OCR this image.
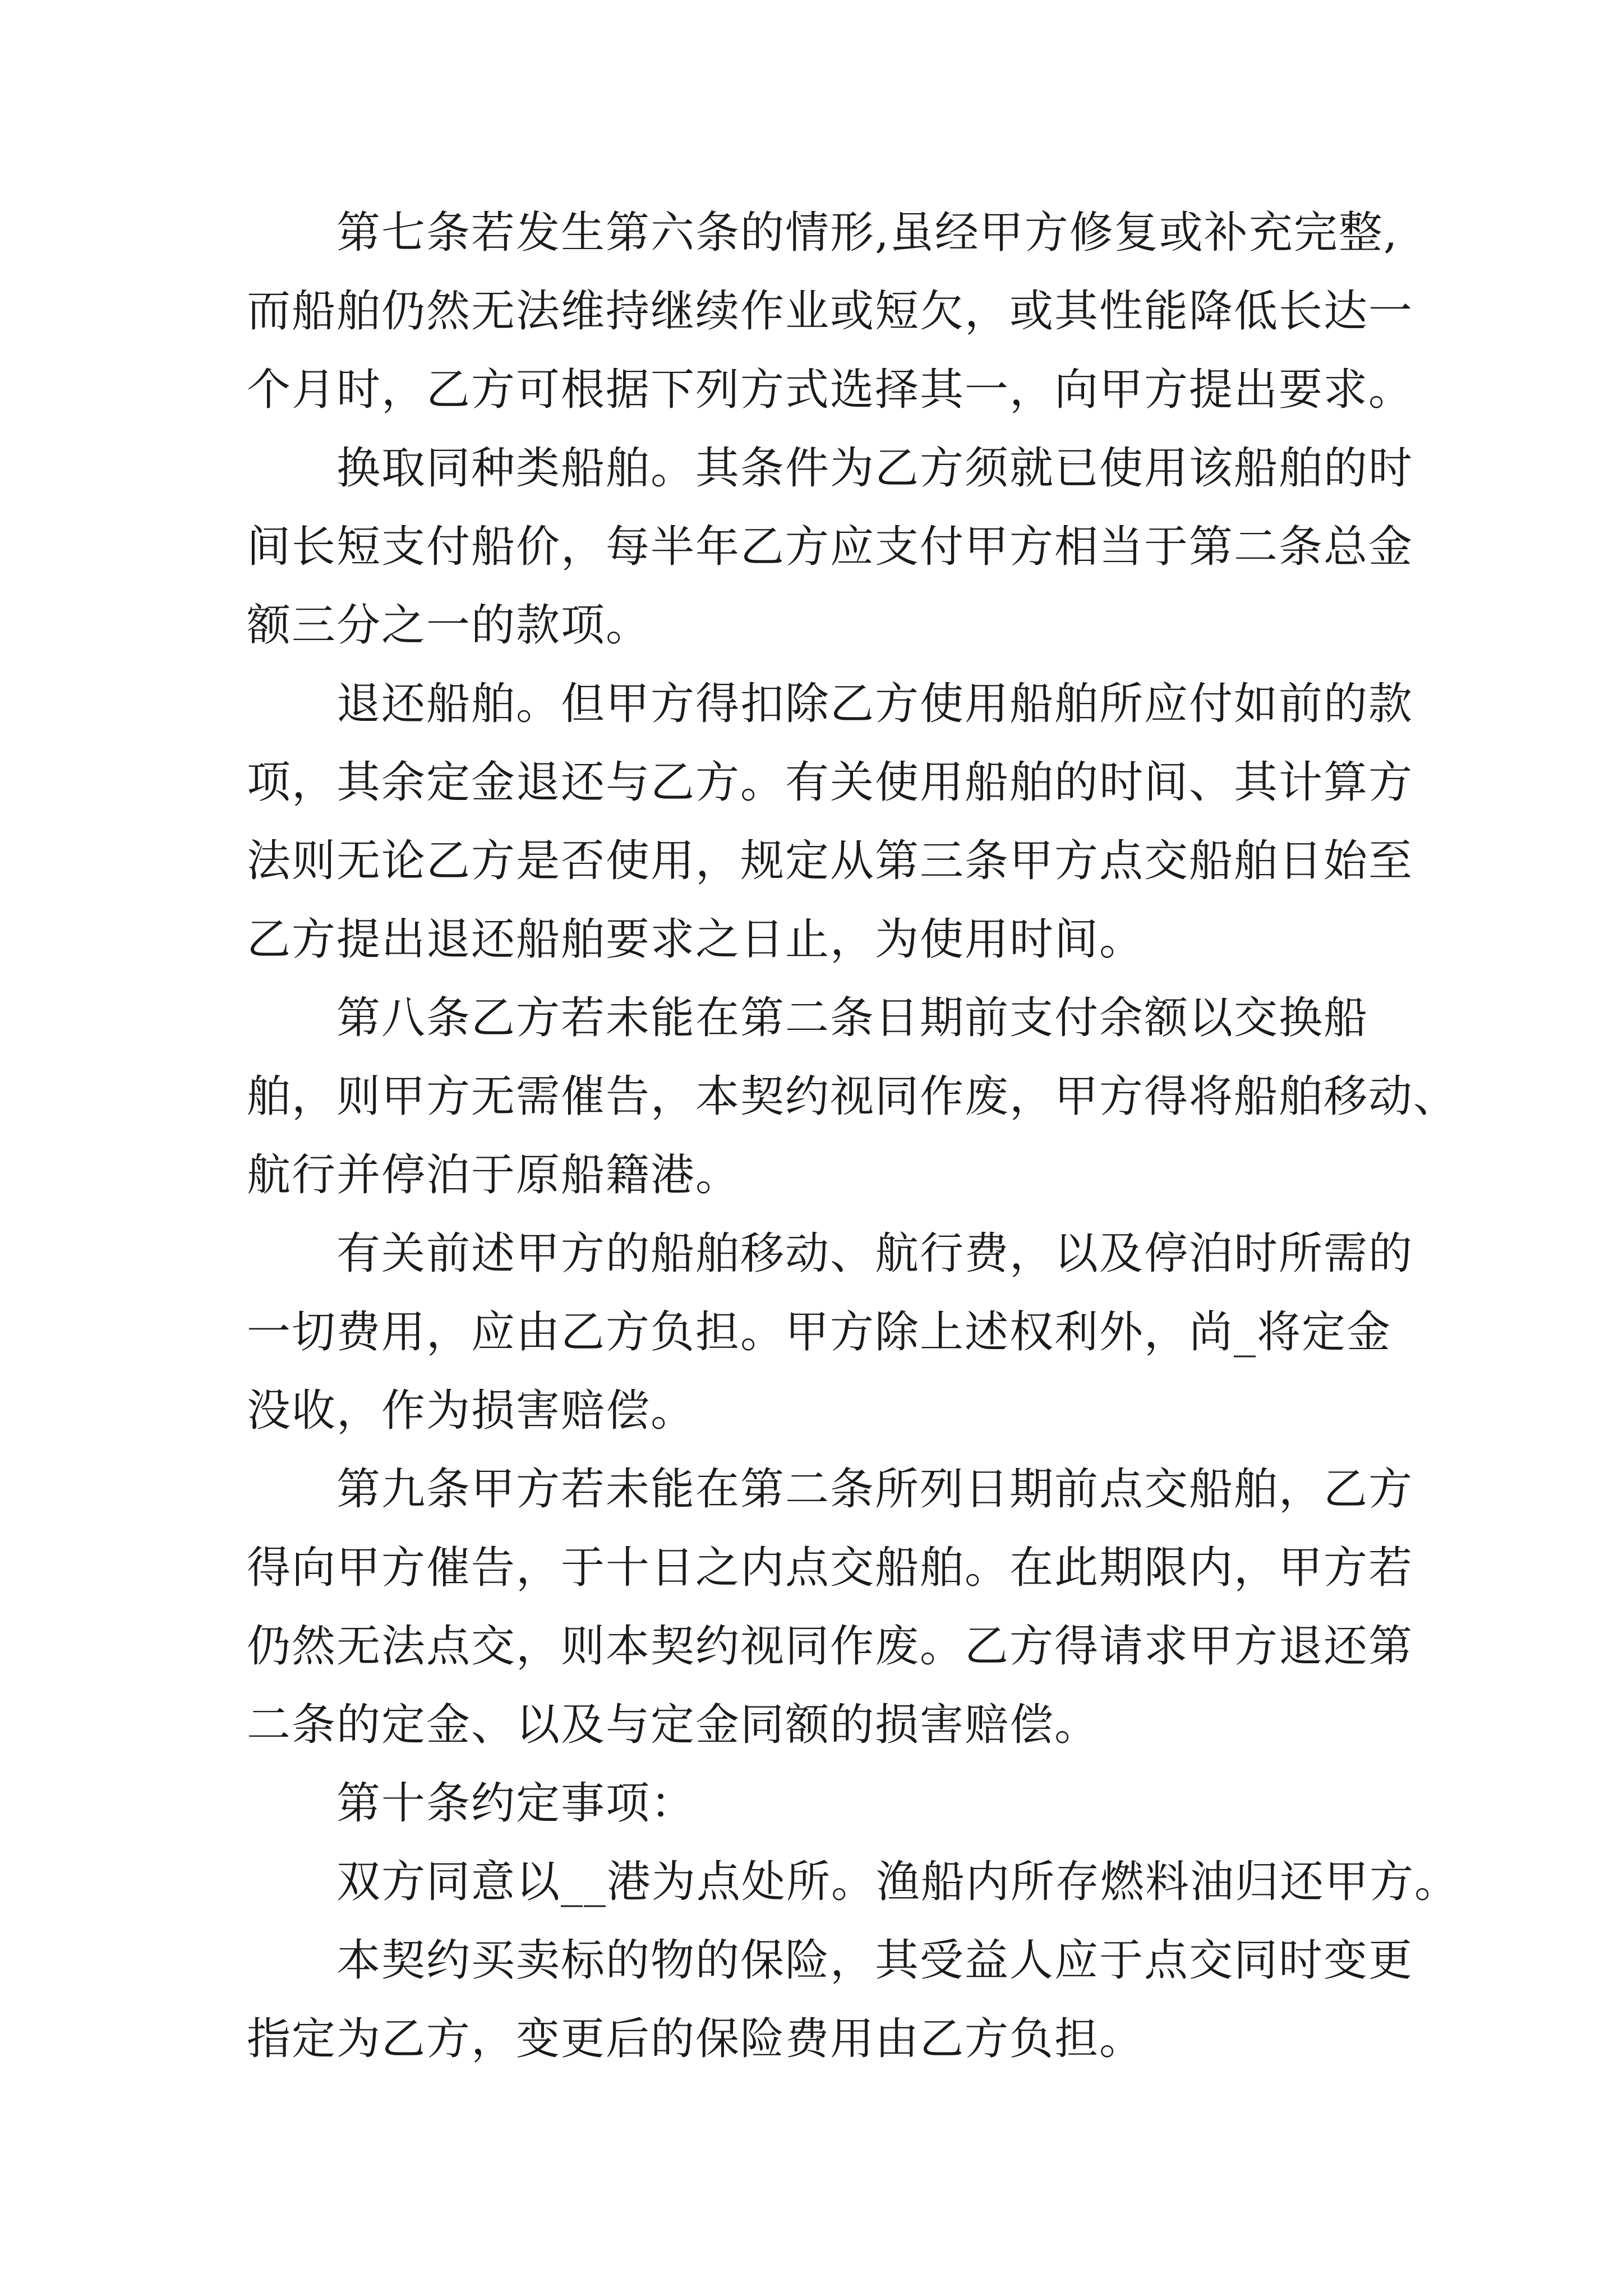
第七条若发生第六条的情形,虽经甲方修复或补充完整,
而船舶仍然无法维持继续作业或短欠，或其性能降低长达一
个月时，乙方可根据下列方式选择其一，向甲方提出要求。
换取同种类船舶。其条件为乙方须就已使用该船舶的时
间长短支付船价，每半年乙方应支付甲方相当于第二条总金
额三分之一的款项。
退还船舶。但甲方得扣除乙方使用船舶所应付如前的款
项，其余定金退还与乙方。有关使用船舶的时间、其计算方
法则无论乙方是否使用，规定从第三条甲方点交船舶日始至
乙方提出退还船舶要求之日止，为使用时间。
第八条乙方若未能在第二条日期前支付余额以交换船
舶，则甲方无需催告，本契约视同作废，甲方得将船舶移动、
航行并停泊于原船籍港。
有关前述甲方的船舶移动、航行费，以及停泊时所需的
一切费用，应由乙方负担。甲方除上述权利外，尚_将定金
没收，作为损害赔偿。
第九条甲方若未能在第二条所列日期前点交船舶，乙方
得向甲方催告，于十日之内点交船舶。在此期限内，甲方若
仍然无法点交，则本契约视同作废。乙方得请求甲方退还第
二条的定金、以及与定金同额的损害赔偿。
第十条约定事项：
双方同意以__港为点处所。渔船内所存燃料油归还甲方。
本契约买卖标的物的保险，其受益人应于点交同时变更
指定为乙方，变更后的保险费用由乙方负担。
